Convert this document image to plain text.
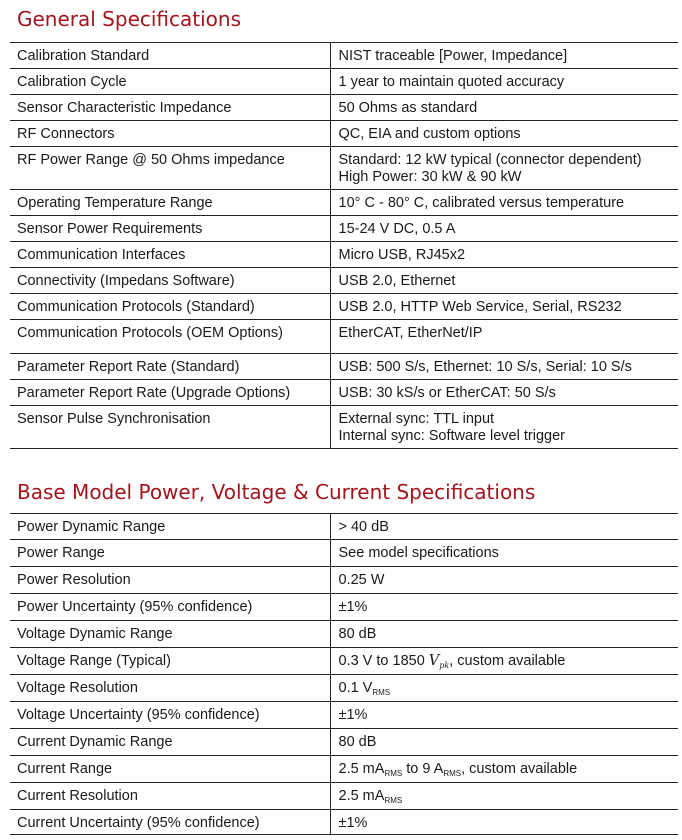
General Specifications
Calibration Standard	NIST traceable [Power, Impedance]
Calibration Cycle	1 year to maintain quoted accuracy
Sensor Characteristic Impedance	50 Ohms as standard
RF Connectors	QC, EIA and custom options
RF Power Range @ 50 Ohms impedance	Standard: 12 kW typical (connector dependent)
High Power: 30 kW & 90 kW

Operating Temperature Range	10° C - 80° C, calibrated versus temperature
Sensor Power Requirements	15-24 V DC, 0.5 A
Communication Interfaces	Micro USB, RJ45x2
Connectivity (Impedans Software)	USB 2.0, Ethernet
Communication Protocols (Standard)	USB 2.0, HTTP Web Service, Serial, RS232
Communication Protocols (OEM Options)	EtherCAT, EtherNet/IP
Parameter Report Rate (Standard)	USB: 500 S/s, Ethernet: 10 S/s, Serial: 10 S/s
Parameter Report Rate (Upgrade Options)	USB: 30 kS/s or EtherCAT: 50 S/s
Sensor Pulse Synchronisation	External sync: TTL input
Internal sync: Software level trigger
Base Model Power, Voltage & Current Specifications
Power Dynamic Range	> 40 dB
Power Range	See model specifications
Power Resolution	0.25 W
Power Uncertainty (95% confidence)	±1%
Voltage Dynamic Range	80 dB
Voltage Range (Typical)	0.3 V to 1850 $V_{pk}$, custom available
Voltage Resolution	0.1 $V_{RMS}$
Voltage Uncertainty (95% confidence)	±1%
Current Dynamic Range	80 dB
Current Range	2.5 $mA_{RMS}$ to 9 $A_{RMS}$, custom available
Current Resolution	2.5 $mA_{RMS}$
Current Uncertainty (95% confidence)	±1%
